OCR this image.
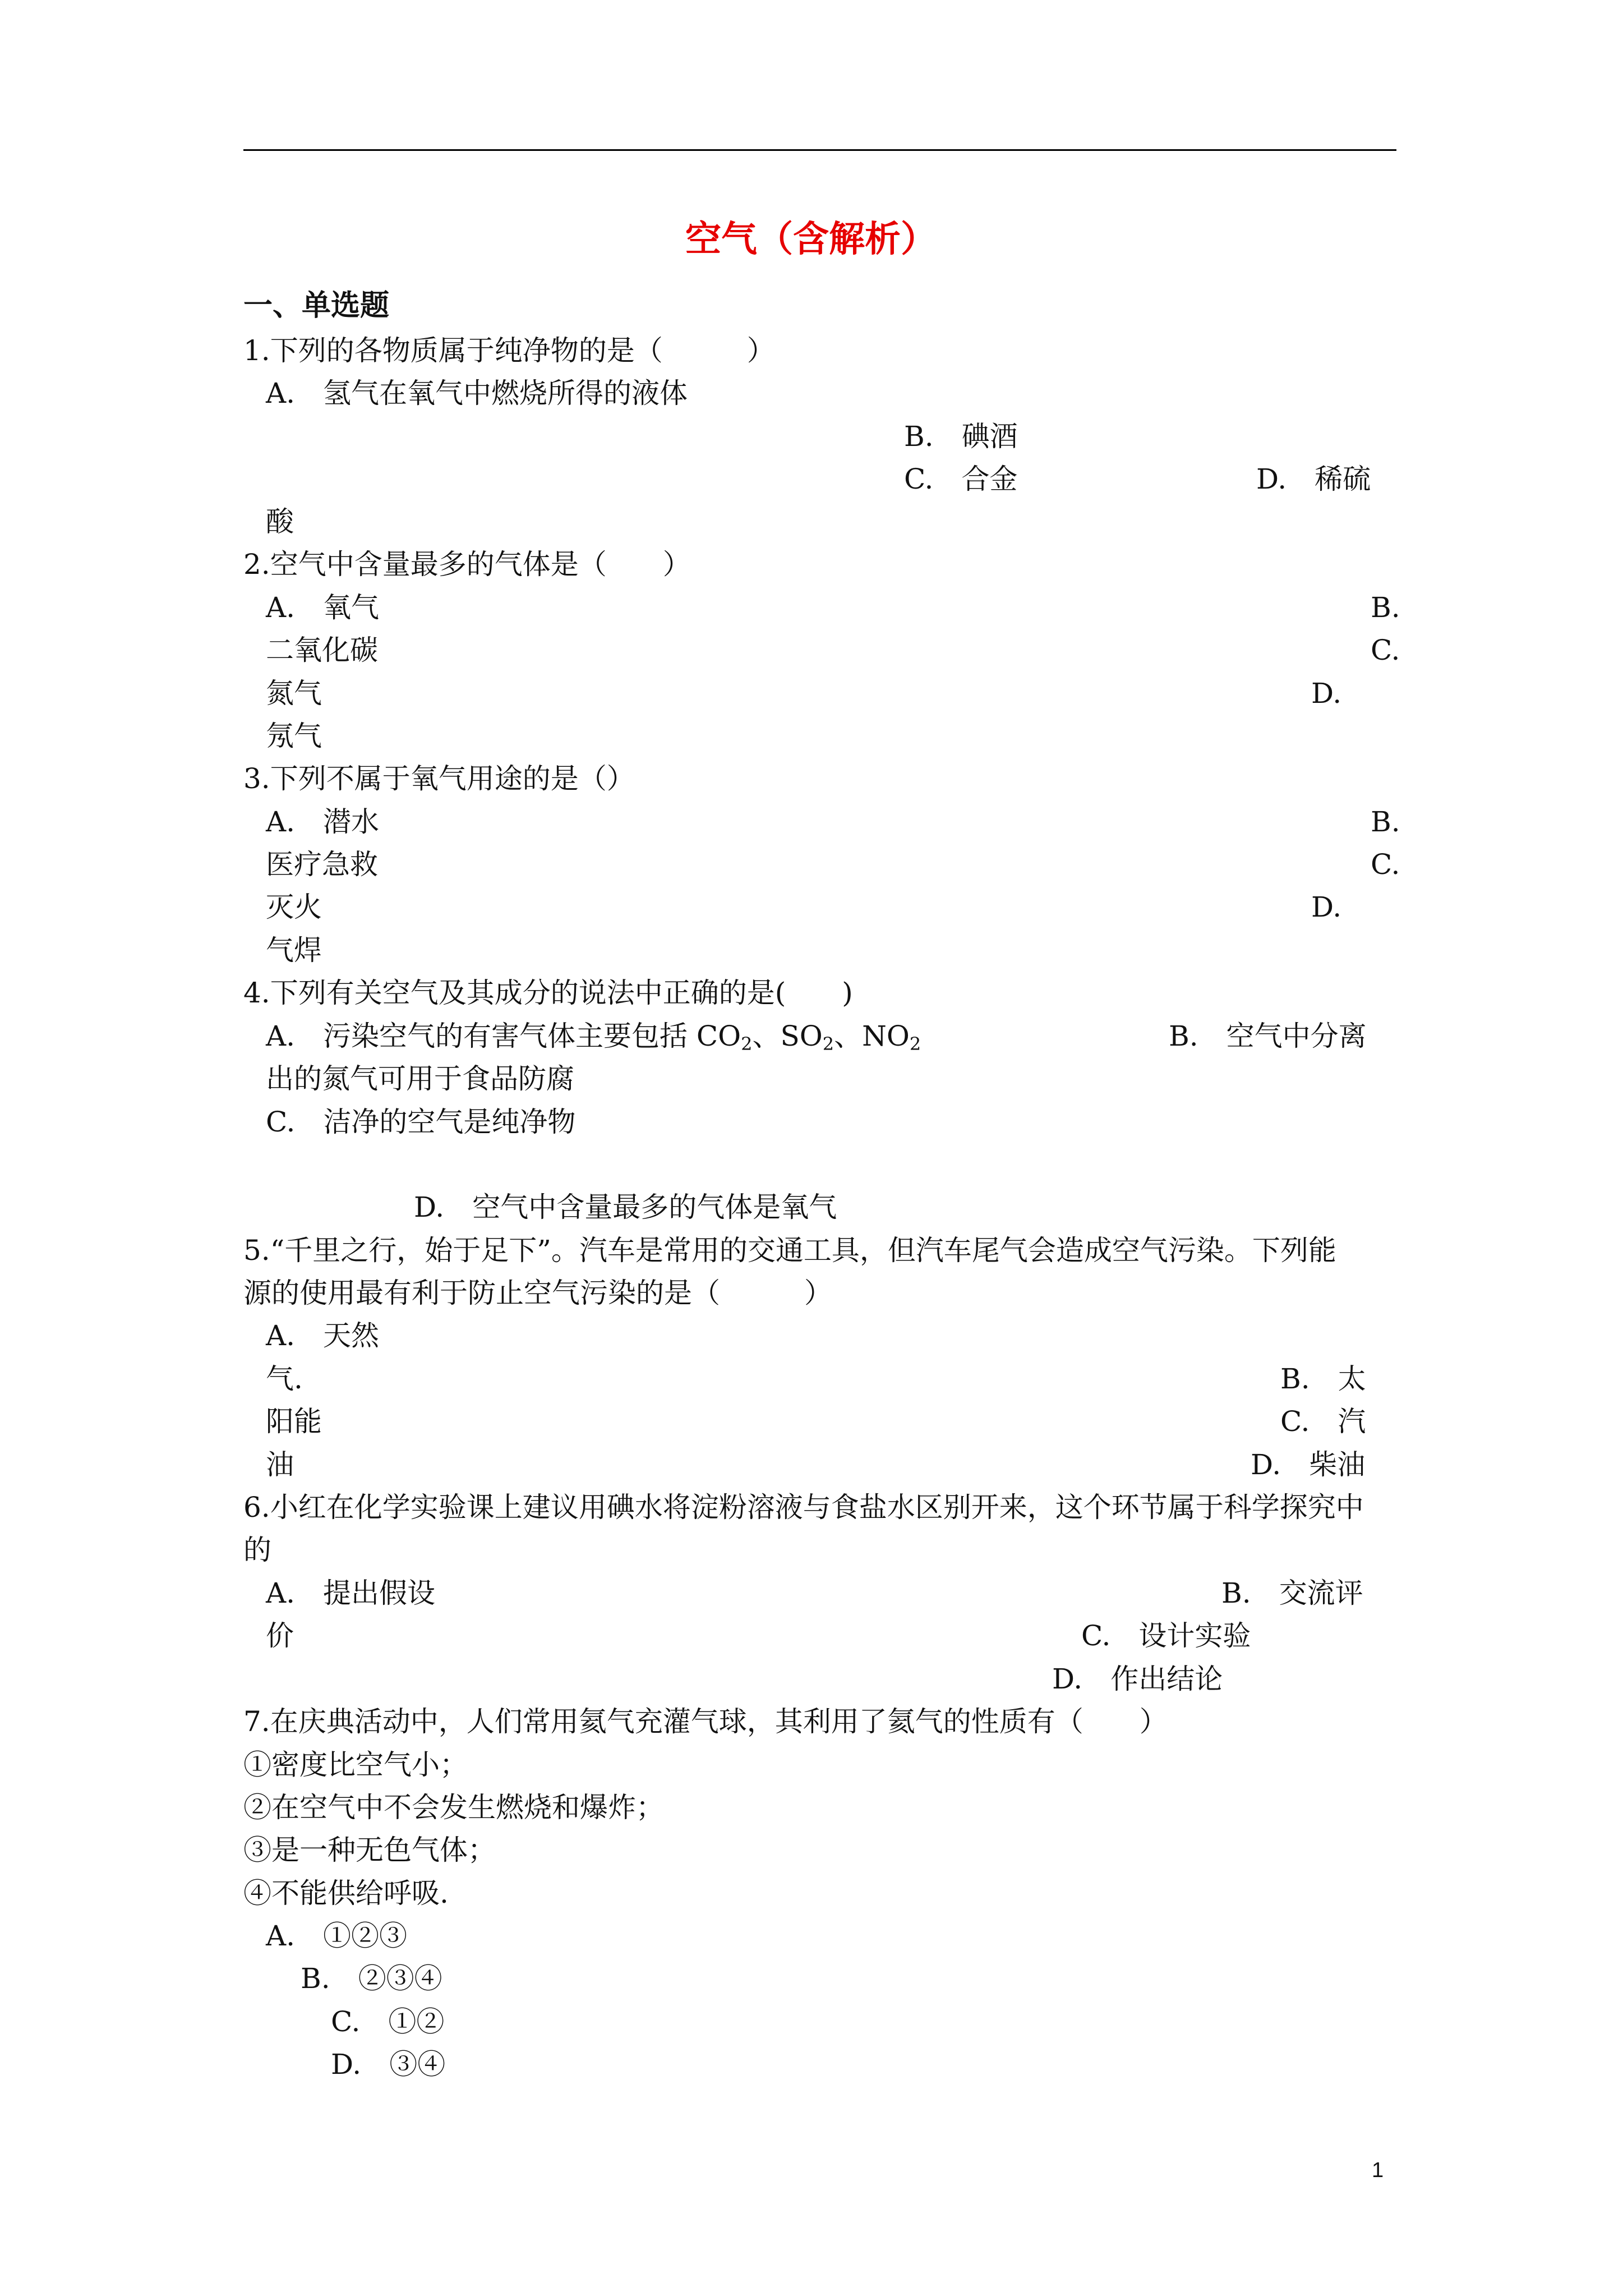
空气（含解析）
一、单选题
1.下列的各物质属于纯净物的是（　　　）
A.　氢气在氧气中燃烧所得的液体
B.　碘酒
C.　合金	D.　稀硫
酸
2.空气中含量最多的气体是（　　）
A.　氧气	B.
二氧化碳	C.
氮气	D.
氖气
3.下列不属于氧气用途的是（）
A.　潜水	B.
医疗急救	C.
灭火	D.
气焊
4.下列有关空气及其成分的说法中正确的是(　　)
A.　污染空气的有害气体主要包括 $CO_2$、$SO_2$、$NO_2$	B.　空气中分离
出的氮气可用于食品防腐
C.　洁净的空气是纯净物
D.　空气中含量最多的气体是氧气
5.“千里之行，始于足下”。汽车是常用的交通工具，但汽车尾气会造成空气污染。下列能
源的使用最有利于防止空气污染的是（　　　）
A.　天然
气.	B.　太
阳能	C.　汽
油	D.　柴油
6.小红在化学实验课上建议用碘水将淀粉溶液与食盐水区别开来，这个环节属于科学探究中
的
A.　提出假设	B.　交流评
价	C.　设计实验
D.　作出结论
7.在庆典活动中，人们常用氦气充灌气球，其利用了氦气的性质有（　　）
①密度比空气小；
②在空气中不会发生燃烧和爆炸；
③是一种无色气体；
④不能供给呼吸.
A.　①②③
B.　②③④
C.　①②
D.　③④
1
